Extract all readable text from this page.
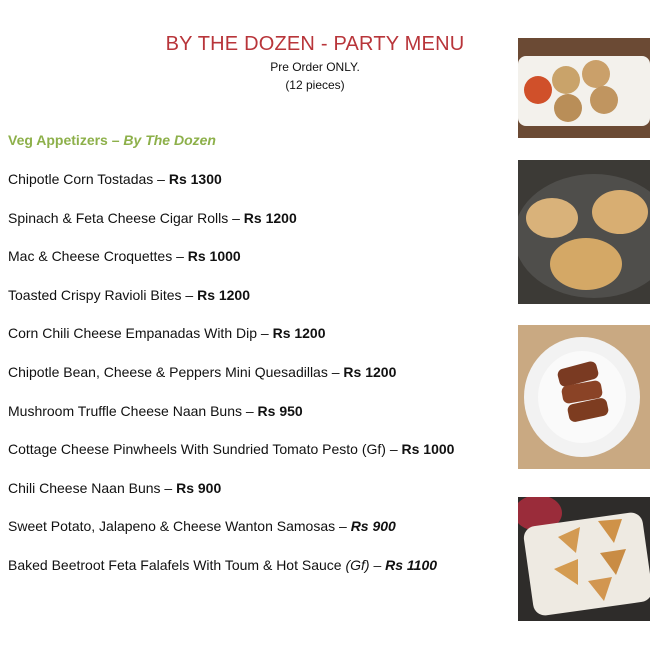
BY THE DOZEN - PARTY MENU
Pre Order ONLY.
(12 pieces)
Veg Appetizers – By The Dozen
Chipotle Corn Tostadas – Rs 1300
Spinach & Feta Cheese Cigar Rolls – Rs 1200
Mac & Cheese Croquettes – Rs 1000
Toasted Crispy Ravioli Bites – Rs 1200
Corn Chili Cheese Empanadas With Dip – Rs 1200
Chipotle Bean, Cheese & Peppers Mini Quesadillas – Rs 1200
Mushroom Truffle Cheese Naan Buns – Rs 950
Cottage Cheese Pinwheels With Sundried Tomato Pesto (Gf) – Rs 1000
Chili Cheese Naan Buns – Rs 900
Sweet Potato, Jalapeno & Cheese Wanton Samosas – Rs 900
Baked Beetroot Feta Falafels With Toum & Hot Sauce (Gf) – Rs 1100
